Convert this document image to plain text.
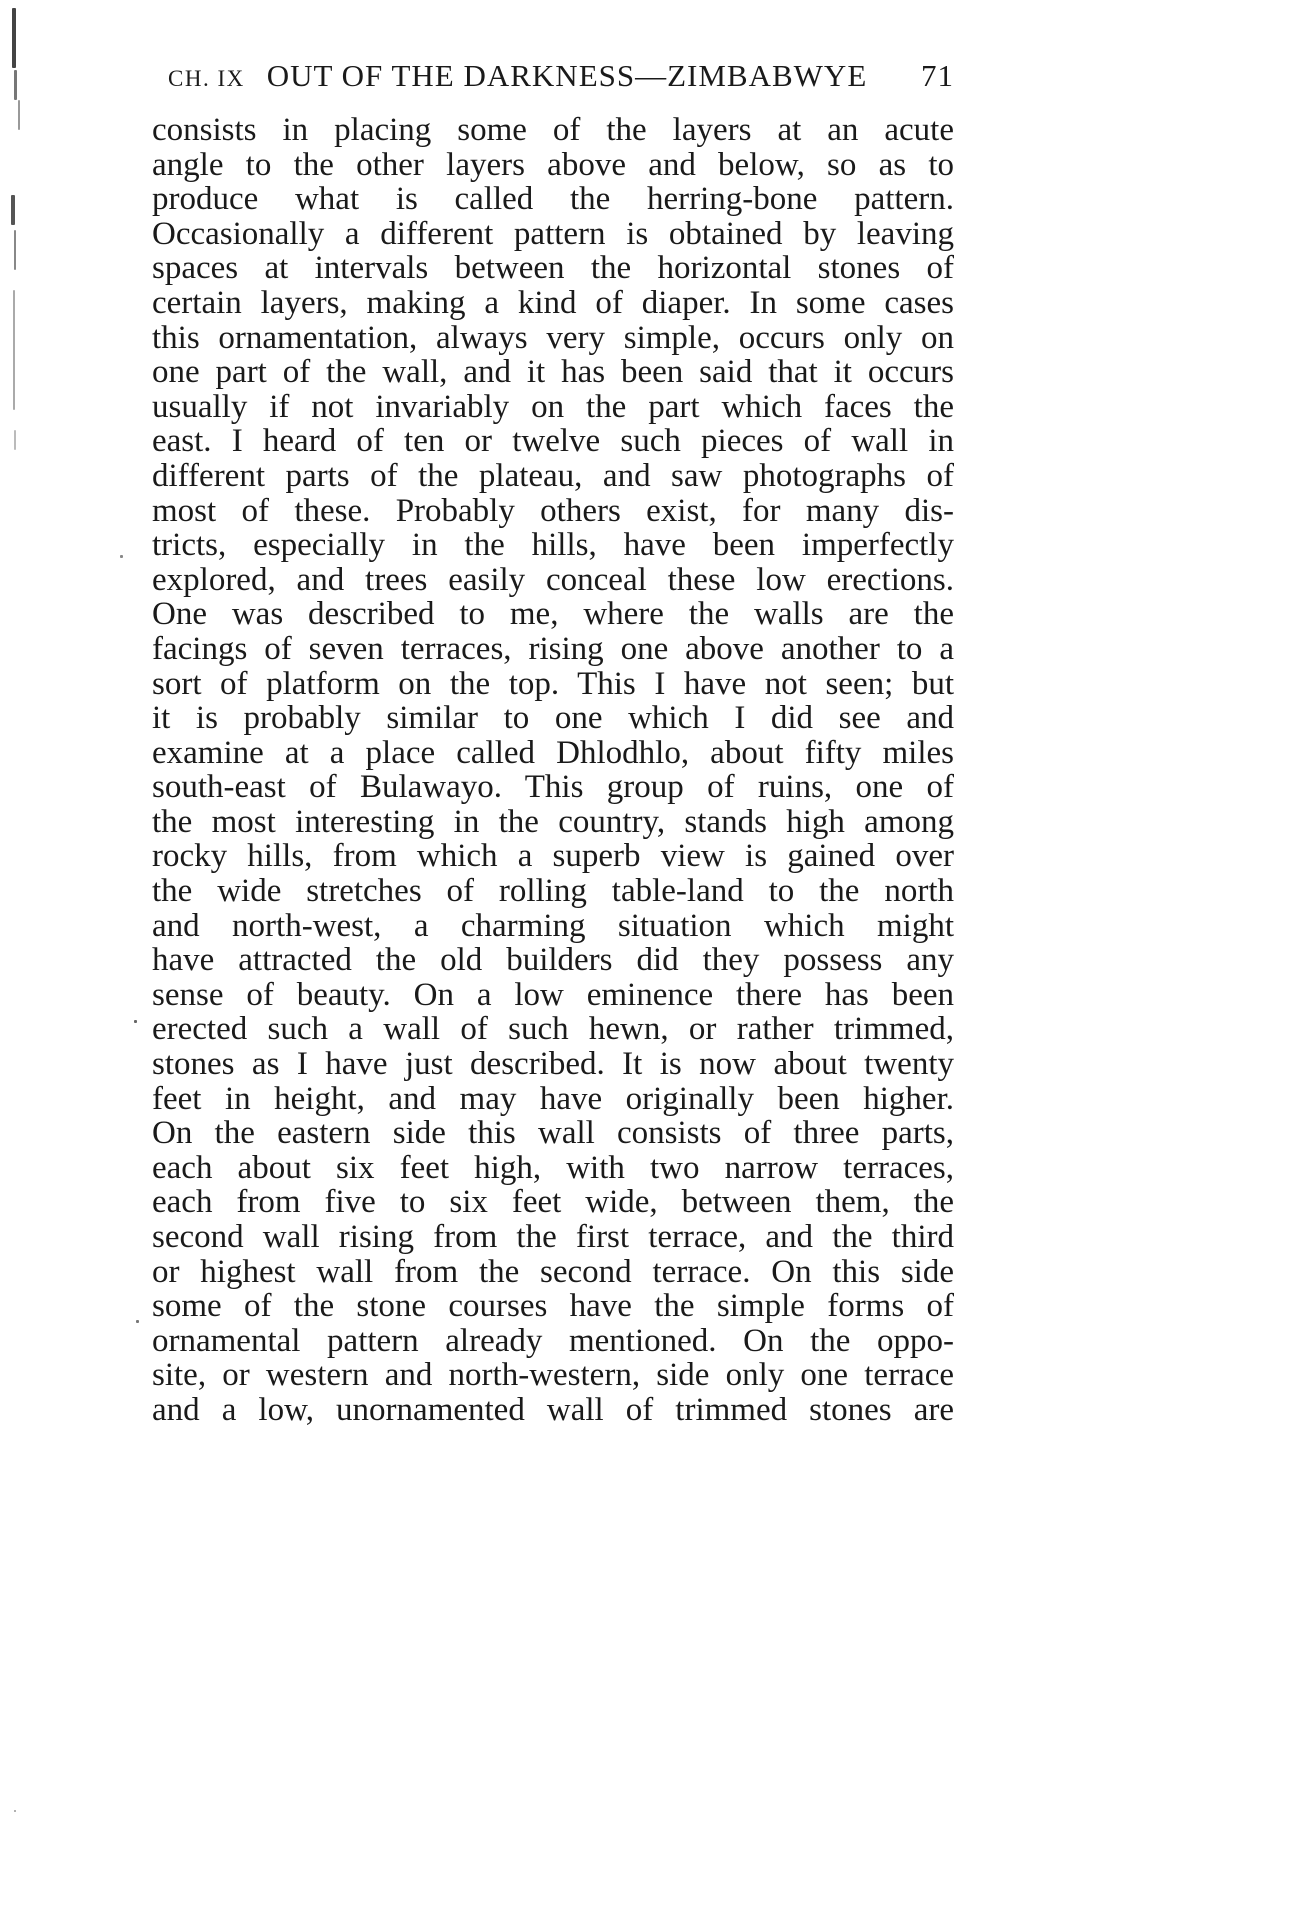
CH. IX OUT OF THE DARKNESS—ZIMBABWYE	71
consists in placing some of the layers at an acute
angle to the other layers above and below, so as to
produce what is called the herring-bone pattern.
Occasionally a different pattern is obtained by leaving
spaces at intervals between the horizontal stones of
certain layers, making a kind of diaper. In some cases
this ornamentation, always very simple, occurs only on
one part of the wall, and it has been said that it occurs
usually if not invariably on the part which faces the
east. I heard of ten or twelve such pieces of wall in
different parts of the plateau, and saw photographs of
most of these. Probably others exist, for many dis-
tricts, especially in the hills, have been imperfectly
explored, and trees easily conceal these low erections.
One was described to me, where the walls are the
facings of seven terraces, rising one above another to a
sort of platform on the top. This I have not seen; but
it is probably similar to one which I did see and
examine at a place called Dhlodhlo, about fifty miles
south-east of Bulawayo. This group of ruins, one of
the most interesting in the country, stands high among
rocky hills, from which a superb view is gained over
the wide stretches of rolling table-land to the north
and north-west, a charming situation which might
have attracted the old builders did they possess any
sense of beauty. On a low eminence there has been
erected such a wall of such hewn, or rather trimmed,
stones as I have just described. It is now about twenty
feet in height, and may have originally been higher.
On the eastern side this wall consists of three parts,
each about six feet high, with two narrow terraces,
each from five to six feet wide, between them, the
second wall rising from the first terrace, and the third
or highest wall from the second terrace. On this side
some of the stone courses have the simple forms of
ornamental pattern already mentioned. On the oppo-
site, or western and north-western, side only one terrace
and a low, unornamented wall of trimmed stones are
